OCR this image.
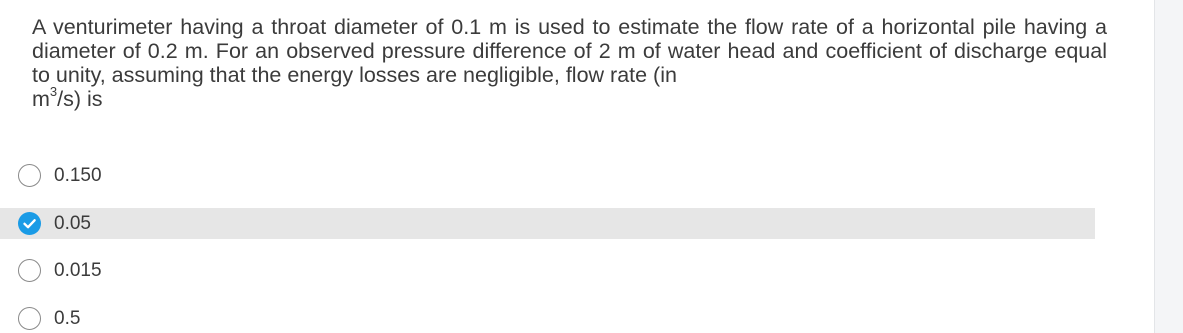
A venturimeter having a throat diameter of 0.1 m is used to estimate the flow rate of a horizontal pile having a diameter of 0.2 m. For an observed pressure difference of 2 m of water head and coefficient of discharge equal to unity, assuming that the energy losses are negligible, flow rate (in
$m^3/s$) is
0.150
0.05
0.015
0.5
